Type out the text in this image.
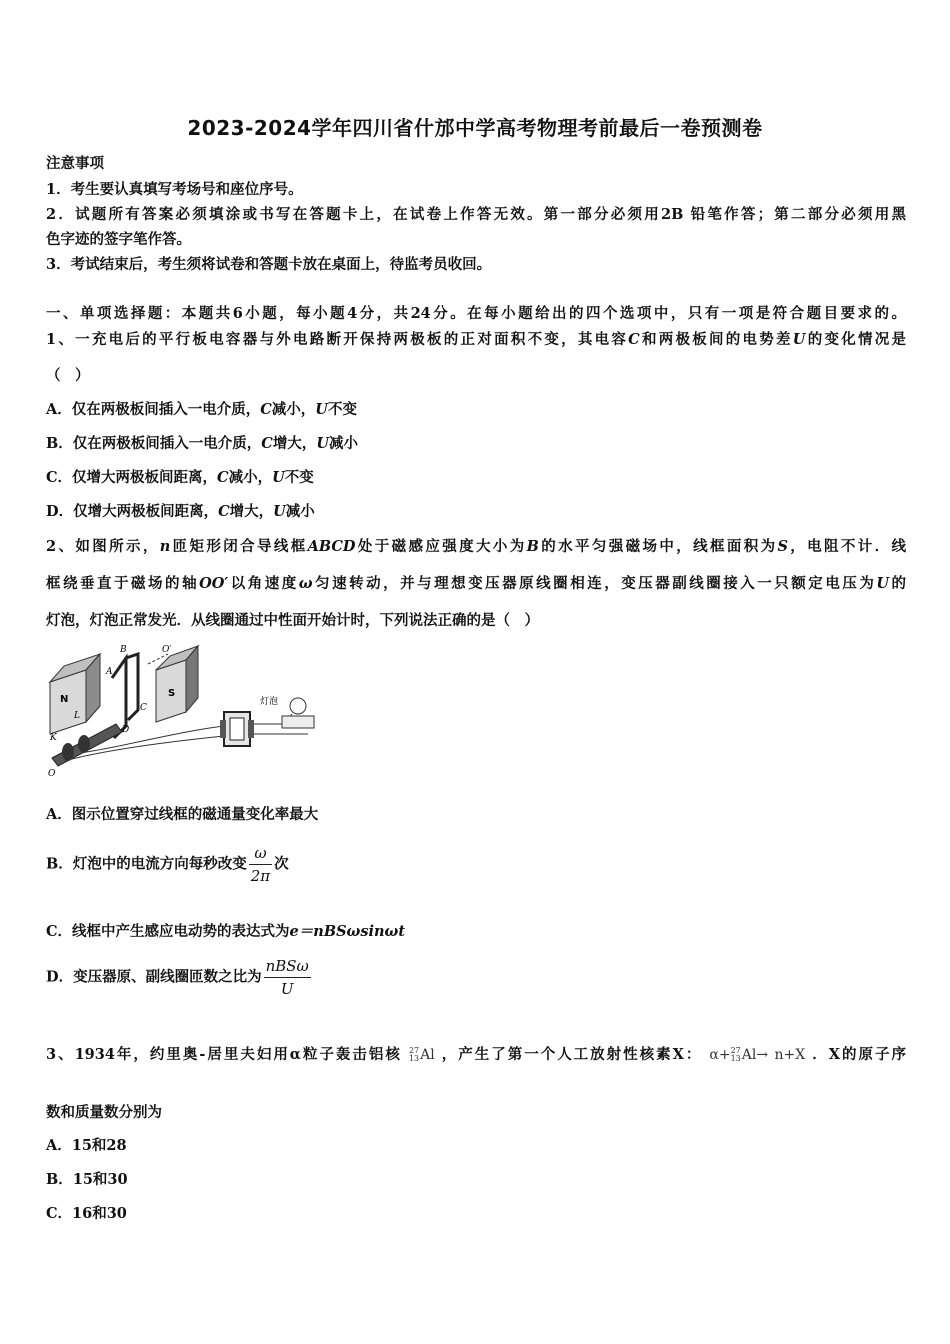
2023-2024学年四川省什邡中学高考物理考前最后一卷预测卷
注意事项
1．考生要认真填写考场号和座位序号。
2．试题所有答案必须填涂或书写在答题卡上，在试卷上作答无效。第一部分必须用2B 铅笔作答；第二部分必须用黑
色字迹的签字笔作答。
3．考试结束后，考生须将试卷和答题卡放在桌面上，待监考员收回。
一、单项选择题：本题共6小题，每小题4分，共24分。在每小题给出的四个选项中，只有一项是符合题目要求的。
1、一充电后的平行板电容器与外电路断开保持两极板的正对面积不变，其电容C和两极板间的电势差U的变化情况是
（　）
A．仅在两极板间插入一电介质，C减小，U不变
B．仅在两极板间插入一电介质，C增大，U减小
C．仅增大两极板间距离，C减小，U不变
D．仅增大两极板间距离，C增大，U减小
2、如图所示，n匝矩形闭合导线框ABCD处于磁感应强度大小为B的水平匀强磁场中，线框面积为S，电阻不计．线
框绕垂直于磁场的轴OO′以角速度ω匀速转动，并与理想变压器原线圈相连，变压器副线圈接入一只额定电压为U的
灯泡，灯泡正常发光．从线圈通过中性面开始计时，下列说法正确的是（　）
N
S
A
B
C
D
O′
K
L
O
灯泡
A．图示位置穿过线框的磁通量变化率最大
B．灯泡中的电流方向每秒改变 $\frac{\omega}{2\pi}$ 次
C．线框中产生感应电动势的表达式为e＝nBSωsinωt
D．变压器原、副线圈匝数之比为 $\frac{\text{nBSω}}{U}$
3、1934年，约里奥-居里夫妇用α粒子轰击铝核 27
13Al ，产生了第一个人工放射性核素X： α+27
13Al→ n+X ．X的原子序
数和质量数分别为
A．15和28
B．15和30
C．16和30
